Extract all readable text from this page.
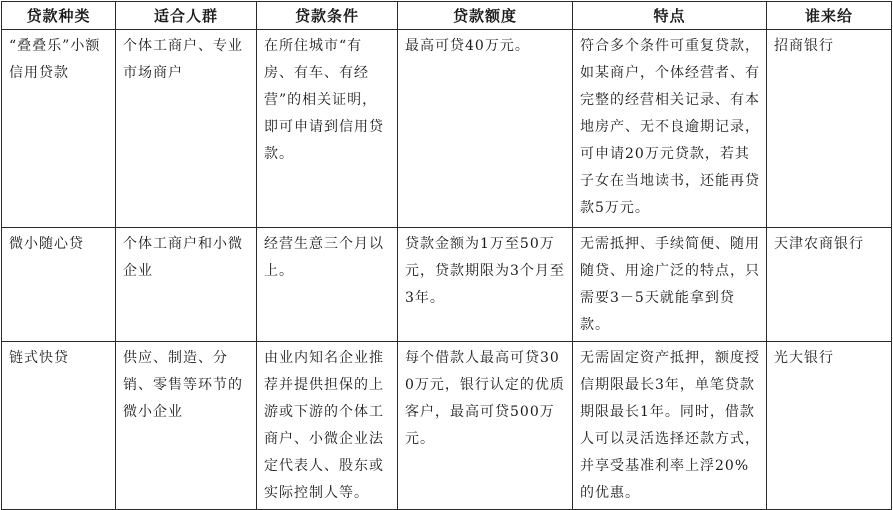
贷款种类	适合人群	贷款条件	贷款额度	特点	谁来给
“叠叠乐”小额信用贷款	个体工商户、专业市场商户	在所住城市“有房、有车、有经营”的相关证明，即可申请到信用贷款。	最高可贷40万元。	符合多个条件可重复贷款，如某商户，个体经营者、有完整的经营相关记录、有本地房产、无不良逾期记录，可申请20万元贷款，若其子女在当地读书，还能再贷款5万元。	招商银行
微小随心贷	个体工商户和小微企业	经营生意三个月以上。	贷款金额为1万至50万元，贷款期限为3个月至3年。	无需抵押、手续简便、随用随贷、用途广泛的特点，只需要3－5天就能拿到贷款。	天津农商银行
链式快贷	供应、制造、分销、零售等环节的微小企业	由业内知名企业推荐并提供担保的上游或下游的个体工商户、小微企业法定代表人、股东或实际控制人等。	每个借款人最高可贷300万元，银行认定的优质客户，最高可贷500万元。	无需固定资产抵押，额度授信期限最长3年，单笔贷款期限最长1年。同时，借款人可以灵活选择还款方式，并享受基准利率上浮20%的优惠。	光大银行
